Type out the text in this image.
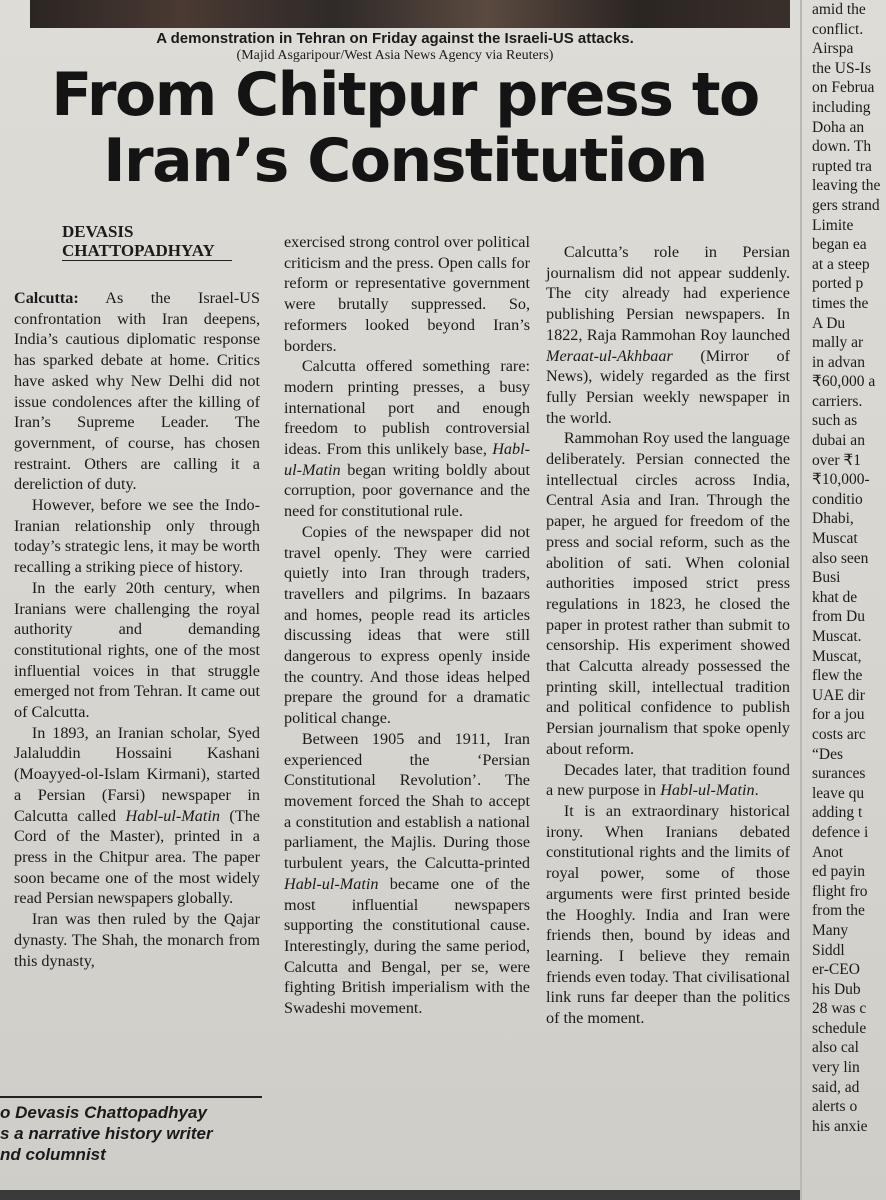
A demonstration in Tehran on Friday against the Israeli-US attacks.
(Majid Asgaripour/West Asia News Agency via Reuters)
From Chitpur press to
Iran’s Constitution
DEVASIS
CHATTOPADHYAY

Calcutta: As the Israel-US confrontation with Iran deepens, India’s cautious diplomatic response has sparked debate at home. Critics have asked why New Delhi did not issue condolences after the killing of Iran’s Supreme Leader. The government, of course, has chosen restraint. Others are calling it a dereliction of duty.

However, before we see the Indo-Iranian relationship only through today’s strategic lens, it may be worth recalling a striking piece of history.

In the early 20th century, when Iranians were challenging the royal authority and demanding constitutional rights, one of the most influential voices in that struggle emerged not from Tehran. It came out of Calcutta.

In 1893, an Iranian scholar, Syed Jalaluddin Hossaini Kashani (Moayyed-ol-Islam Kirmani), started a Persian (Farsi) newspaper in Calcutta called Habl-ul-Matin (The Cord of the Master), printed in a press in the Chitpur area. The paper soon became one of the most widely read Persian newspapers globally.

Iran was then ruled by the Qajar dynasty. The Shah, the monarch from this dynasty,

o Devasis Chattopadhyay
s a narrative history writer
nd columnist

exercised strong control over political criticism and the press. Open calls for reform or representative government were brutally suppressed. So, reformers looked beyond Iran’s borders.

Calcutta offered something rare: modern printing presses, a busy international port and enough freedom to publish controversial ideas. From this unlikely base, Habl-ul-Matin began writing boldly about corruption, poor governance and the need for constitutional rule.

Copies of the newspaper did not travel openly. They were carried quietly into Iran through traders, travellers and pilgrims. In bazaars and homes, people read its articles discussing ideas that were still dangerous to express openly inside the country. And those ideas helped prepare the ground for a dramatic political change.

Between 1905 and 1911, Iran experienced the ‘Persian Constitutional Revolution’. The movement forced the Shah to accept a constitution and establish a national parliament, the Majlis. During those turbulent years, the Calcutta-printed Habl-ul-Matin became one of the most influential newspapers supporting the constitutional cause. Interestingly, during the same period, Calcutta and Bengal, per se, were fighting British imperialism with the Swadeshi movement.

Calcutta’s role in Persian journalism did not appear suddenly. The city already had experience publishing Persian newspapers. In 1822, Raja Rammohan Roy launched Meraat-ul-Akhbaar (Mirror of News), widely regarded as the first fully Persian weekly newspaper in the world.

Rammohan Roy used the language deliberately. Persian connected the intellectual circles across India, Central Asia and Iran. Through the paper, he argued for freedom of the press and social reform, such as the abolition of sati. When colonial authorities imposed strict press regulations in 1823, he closed the paper in protest rather than submit to censorship. His experiment showed that Calcutta already possessed the printing skill, intellectual tradition and political confidence to publish Persian journalism that spoke openly about reform.

Decades later, that tradition found a new purpose in Habl-ul-Matin.

It is an extraordinary historical irony. When Iranians debated constitutional rights and the limits of royal power, some of those arguments were first printed beside the Hooghly. India and Iran were friends then, bound by ideas and learning. I believe they remain friends even today. That civilisational link runs far deeper than the politics of the moment.

amid the

conflict.

Airspa

the US-Is

on Februa

including

Doha an

down. Th

rupted tra

leaving the

gers strand

Limite

began ea

at a steep

ported p

times the

A Du

mally ar

in advan

₹60,000 a

carriers.

such as

dubai an

over ₹1

₹10,000-

conditio

Dhabi,

Muscat

also seen

Busi

khat de

from Du

Muscat.

Muscat,

flew the

UAE dir

for a jou

costs arc

“Des

surances

leave qu

adding t

defence i

Anot

ed payin

flight fro

from the

Many

Siddl

er-CEO

his Dub

28 was c

schedule

also cal

very lin

said, ad

alerts o

his anxie
